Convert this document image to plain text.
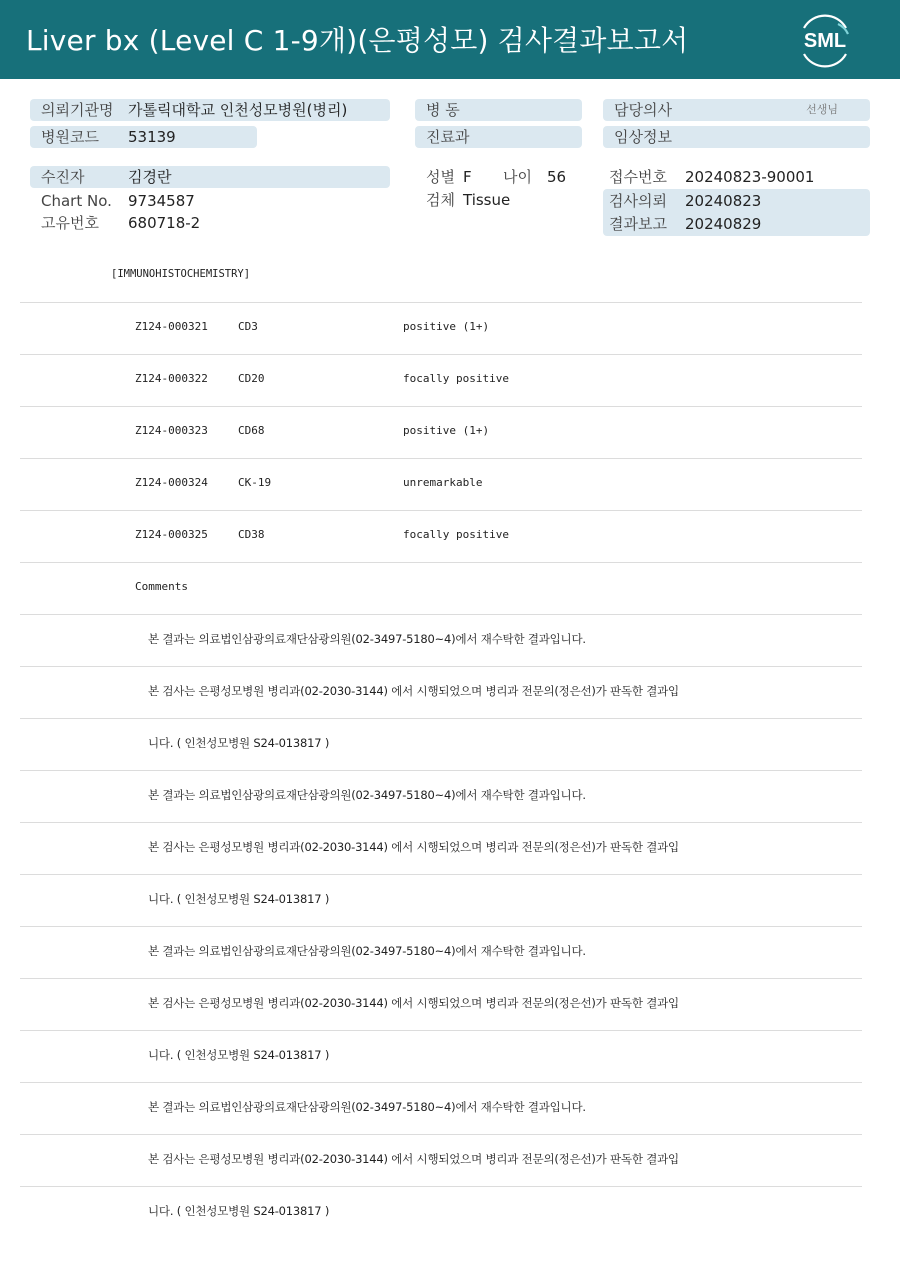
Liver bx (Level C 1-9개)(은평성모) 검사결과보고서	SML
의뢰기관명 가톨릭대학교 인천성모병원(병리)
병원코드 53139
병 동
진료과
담당의사	선생님
임상정보
수진자	김경란
Chart No. 9734587
고유번호 680718-2
성별 F 나이 56
검체 Tissue
접수번호 20240823-90001
검사의뢰 20240823
결과보고 20240829
[IMMUNOHISTOCHEMISTRY]
Z124-000321	CD3	positive (1+)
Z124-000322	CD20	focally positive
Z124-000323	CD68	positive (1+)
Z124-000324	CK-19	unremarkable
Z124-000325	CD38	focally positive
Comments
본 결과는 의료법인삼광의료재단삼광의원(02-3497-5180~4)에서 재수탁한 결과입니다.
본 검사는 은평성모병원 병리과(02-2030-3144) 에서 시행되었으며 병리과 전문의(정은선)가 판독한 결과입
니다. ( 인천성모병원 S24-013817 )
본 결과는 의료법인삼광의료재단삼광의원(02-3497-5180~4)에서 재수탁한 결과입니다.
본 검사는 은평성모병원 병리과(02-2030-3144) 에서 시행되었으며 병리과 전문의(정은선)가 판독한 결과입
니다. ( 인천성모병원 S24-013817 )
본 결과는 의료법인삼광의료재단삼광의원(02-3497-5180~4)에서 재수탁한 결과입니다.
본 검사는 은평성모병원 병리과(02-2030-3144) 에서 시행되었으며 병리과 전문의(정은선)가 판독한 결과입
니다. ( 인천성모병원 S24-013817 )
본 결과는 의료법인삼광의료재단삼광의원(02-3497-5180~4)에서 재수탁한 결과입니다.
본 검사는 은평성모병원 병리과(02-2030-3144) 에서 시행되었으며 병리과 전문의(정은선)가 판독한 결과입
니다. ( 인천성모병원 S24-013817 )
